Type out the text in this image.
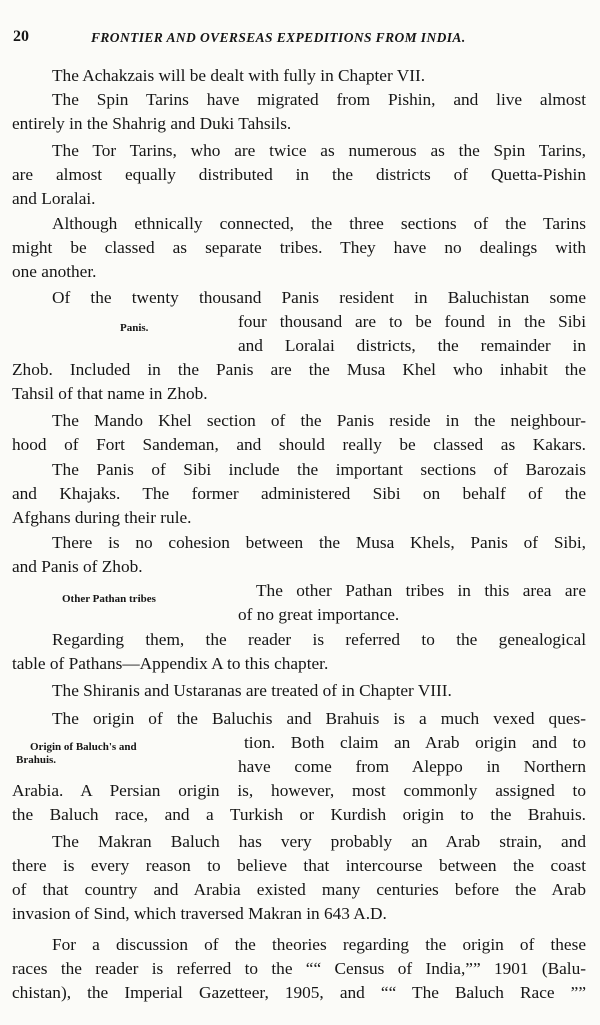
20	FRONTIER AND OVERSEAS EXPEDITIONS FROM INDIA.
The Achakzais will be dealt with fully in Chapter VII.
The Spin Tarins have migrated from Pishin, and live almost
entirely in the Shahrig and Duki Tahsils.
The Tor Tarins, who are twice as numerous as the Spin Tarins,
are almost equally distributed in the districts of Quetta-Pishin
and Loralai.
Although ethnically connected, the three sections of the Tarins
might be classed as separate tribes. They have no dealings with
one another.
Of the twenty thousand Panis resident in Baluchistan some
Panis.	four thousand are to be found in the Sibi
and Loralai districts, the remainder in
Zhob. Included in the Panis are the Musa Khel who inhabit the
Tahsil of that name in Zhob.
The Mando Khel section of the Panis reside in the neighbour-
hood of Fort Sandeman, and should really be classed as Kakars.
The Panis of Sibi include the important sections of Barozais
and Khajaks. The former administered Sibi on behalf of the
Afghans during their rule.
There is no cohesion between the Musa Khels, Panis of Sibi,
and Panis of Zhob.
Other Pathan tribes	The other Pathan tribes in this area are
of no great importance.
Regarding them, the reader is referred to the genealogical
table of Pathans—Appendix A to this chapter.
The Shiranis and Ustaranas are treated of in Chapter VIII.
The origin of the Baluchis and Brahuis is a much vexed ques-
Origin of Baluch's and
Brahuis.
tion. Both claim an Arab origin and to
have come from Aleppo in Northern
Arabia. A Persian origin is, however, most commonly assigned to
the Baluch race, and a Turkish or Kurdish origin to the Brahuis.
The Makran Baluch has very probably an Arab strain, and
there is every reason to believe that intercourse between the coast
of that country and Arabia existed many centuries before the Arab
invasion of Sind, which traversed Makran in 643 A.D.
For a discussion of the theories regarding the origin of these
races the reader is referred to the ““ Census of India,”” 1901 (Balu-
chistan), the Imperial Gazetteer, 1905, and ““ The Baluch Race ””
